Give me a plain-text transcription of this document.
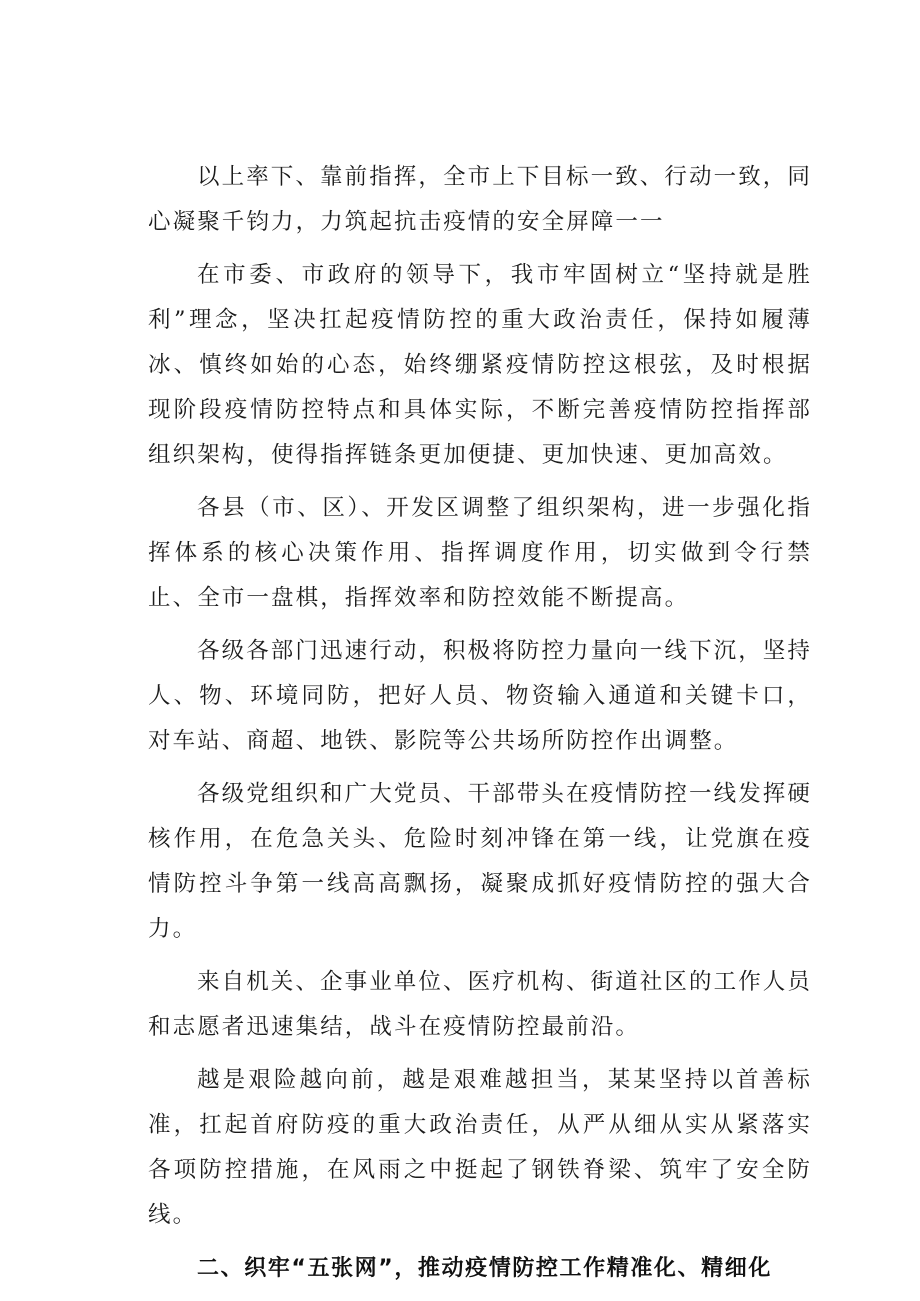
以上率下、靠前指挥，全市上下目标一致、行动一致，同心凝聚千钧力，力筑起抗击疫情的安全屏障一一

在市委、市政府的领导下，我市牢固树立“坚持就是胜利”理念，坚决扛起疫情防控的重大政治责任，保持如履薄冰、慎终如始的心态，始终绷紧疫情防控这根弦，及时根据现阶段疫情防控特点和具体实际，不断完善疫情防控指挥部组织架构，使得指挥链条更加便捷、更加快速、更加高效。

各县（市、区）、开发区调整了组织架构，进一步强化指挥体系的核心决策作用、指挥调度作用，切实做到令行禁止、全市一盘棋，指挥效率和防控效能不断提高。

各级各部门迅速行动，积极将防控力量向一线下沉，坚持人、物、环境同防，把好人员、物资输入通道和关键卡口，对车站、商超、地铁、影院等公共场所防控作出调整。

各级党组织和广大党员、干部带头在疫情防控一线发挥硬核作用，在危急关头、危险时刻冲锋在第一线，让党旗在疫情防控斗争第一线高高飘扬，凝聚成抓好疫情防控的强大合力。

来自机关、企事业单位、医疗机构、街道社区的工作人员和志愿者迅速集结，战斗在疫情防控最前沿。

越是艰险越向前，越是艰难越担当，某某坚持以首善标准，扛起首府防疫的重大政治责任，从严从细从实从紧落实各项防控措施，在风雨之中挺起了钢铁脊梁、筑牢了安全防线。

二、织牢“五张网”，推动疫情防控工作精准化、精细化
